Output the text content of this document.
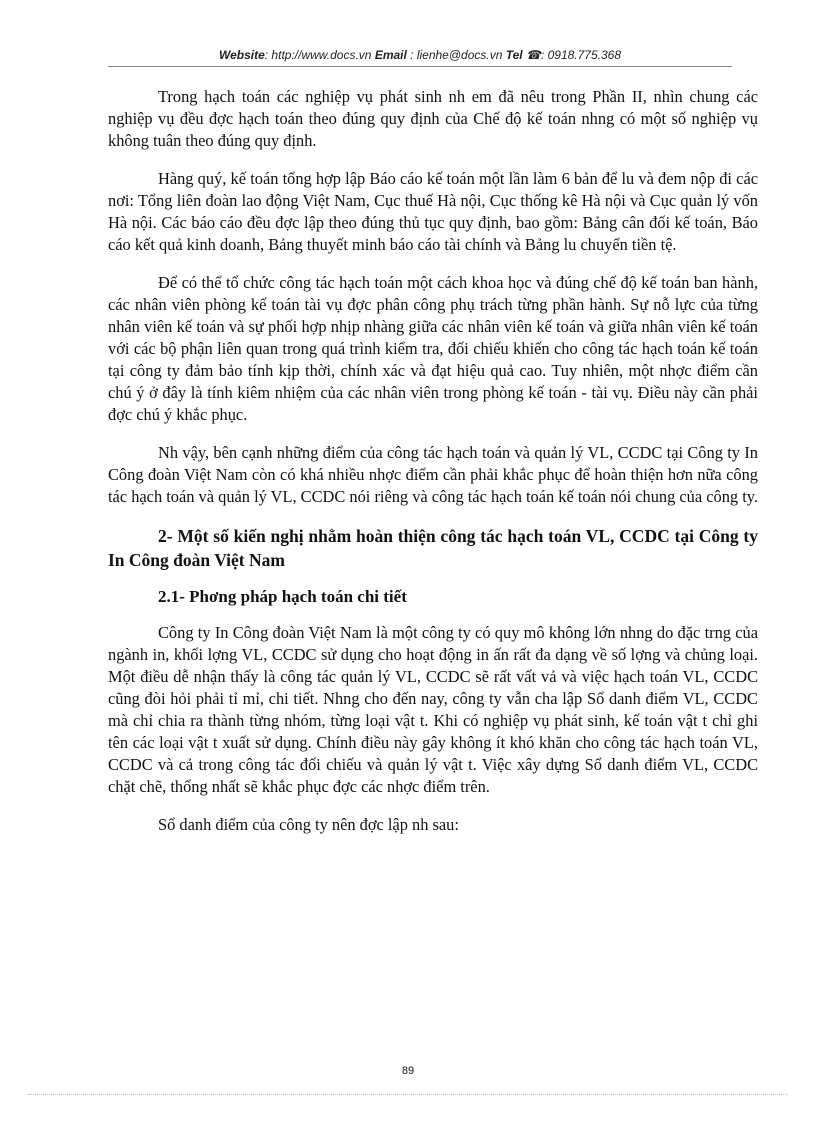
Website: http://www.docs.vn Email : lienhe@docs.vn Tel ☎: 0918.775.368

Trong hạch toán các nghiệp vụ phát sinh nh em đã nêu trong Phần II, nhìn chung các nghiệp vụ đều đợc hạch toán theo đúng quy định của Chế độ kế toán nhng có một số nghiệp vụ không tuân theo đúng quy định.

Hàng quý, kế toán tổng hợp lập Báo cáo kế toán một lần làm 6 bản để lu và đem nộp đi các nơi: Tổng liên đoàn lao động Việt Nam, Cục thuế Hà nội, Cục thống kê Hà nội và Cục quản lý vốn Hà nội. Các báo cáo đều đợc lập theo đúng thủ tục quy định, bao gồm: Bảng cân đối kế toán, Báo cáo kết quả kinh doanh, Bảng thuyết minh báo cáo tài chính và Bảng lu chuyển tiền tệ.

Để có thể tổ chức công tác hạch toán một cách khoa học và đúng chế độ kế toán ban hành, các nhân viên phòng kế toán tài vụ đợc phân công phụ trách từng phần hành. Sự nỗ lực của từng nhân viên kế toán và sự phối hợp nhịp nhàng giữa các nhân viên kế toán và giữa nhân viên kế toán với các bộ phận liên quan trong quá trình kiểm tra, đối chiếu khiến cho công tác hạch toán kế toán tại công ty đảm bảo tính kịp thời, chính xác và đạt hiệu quả cao. Tuy nhiên, một nhợc điểm cần chú ý ở đây là tính kiêm nhiệm của các nhân viên trong phòng kế toán - tài vụ. Điều này cần phải đợc chú ý khắc phục.

Nh vậy, bên cạnh những điểm của công tác hạch toán và quản lý VL, CCDC tại Công ty In Công đoàn Việt Nam còn có khá nhiều nhợc điểm cần phải khắc phục để hoàn thiện hơn nữa công tác hạch toán và quản lý VL, CCDC nói riêng và công tác hạch toán kế toán nói chung của công ty.

2- Một số kiến nghị nhằm hoàn thiện công tác hạch toán VL, CCDC tại Công ty In Công đoàn Việt Nam
2.1- Phơng pháp hạch toán chi tiết

Công ty In Công đoàn Việt Nam là một công ty có quy mô không lớn nhng do đặc trng của ngành in, khối lợng VL, CCDC sử dụng cho hoạt động in ấn rất đa dạng về số lợng và chủng loại. Một điều dễ nhận thấy là công tác quản lý VL, CCDC sẽ rất vất vả và việc hạch toán VL, CCDC cũng đòi hỏi phải tỉ mỉ, chi tiết. Nhng cho đến nay, công ty vẫn cha lập Sổ danh điểm VL, CCDC mà chỉ chia ra thành từng nhóm, từng loại vật t. Khi có nghiệp vụ phát sinh, kế toán vật t chỉ ghi tên các loại vật t xuất sử dụng. Chính điều này gây không ít khó khăn cho công tác hạch toán VL, CCDC và cả trong công tác đối chiếu và quản lý vật t. Việc xây dựng Sổ danh điểm VL, CCDC chặt chẽ, thống nhất sẽ khắc phục đợc các nhợc điểm trên.

Sổ danh điểm của công ty nên đợc lập nh sau:

89
